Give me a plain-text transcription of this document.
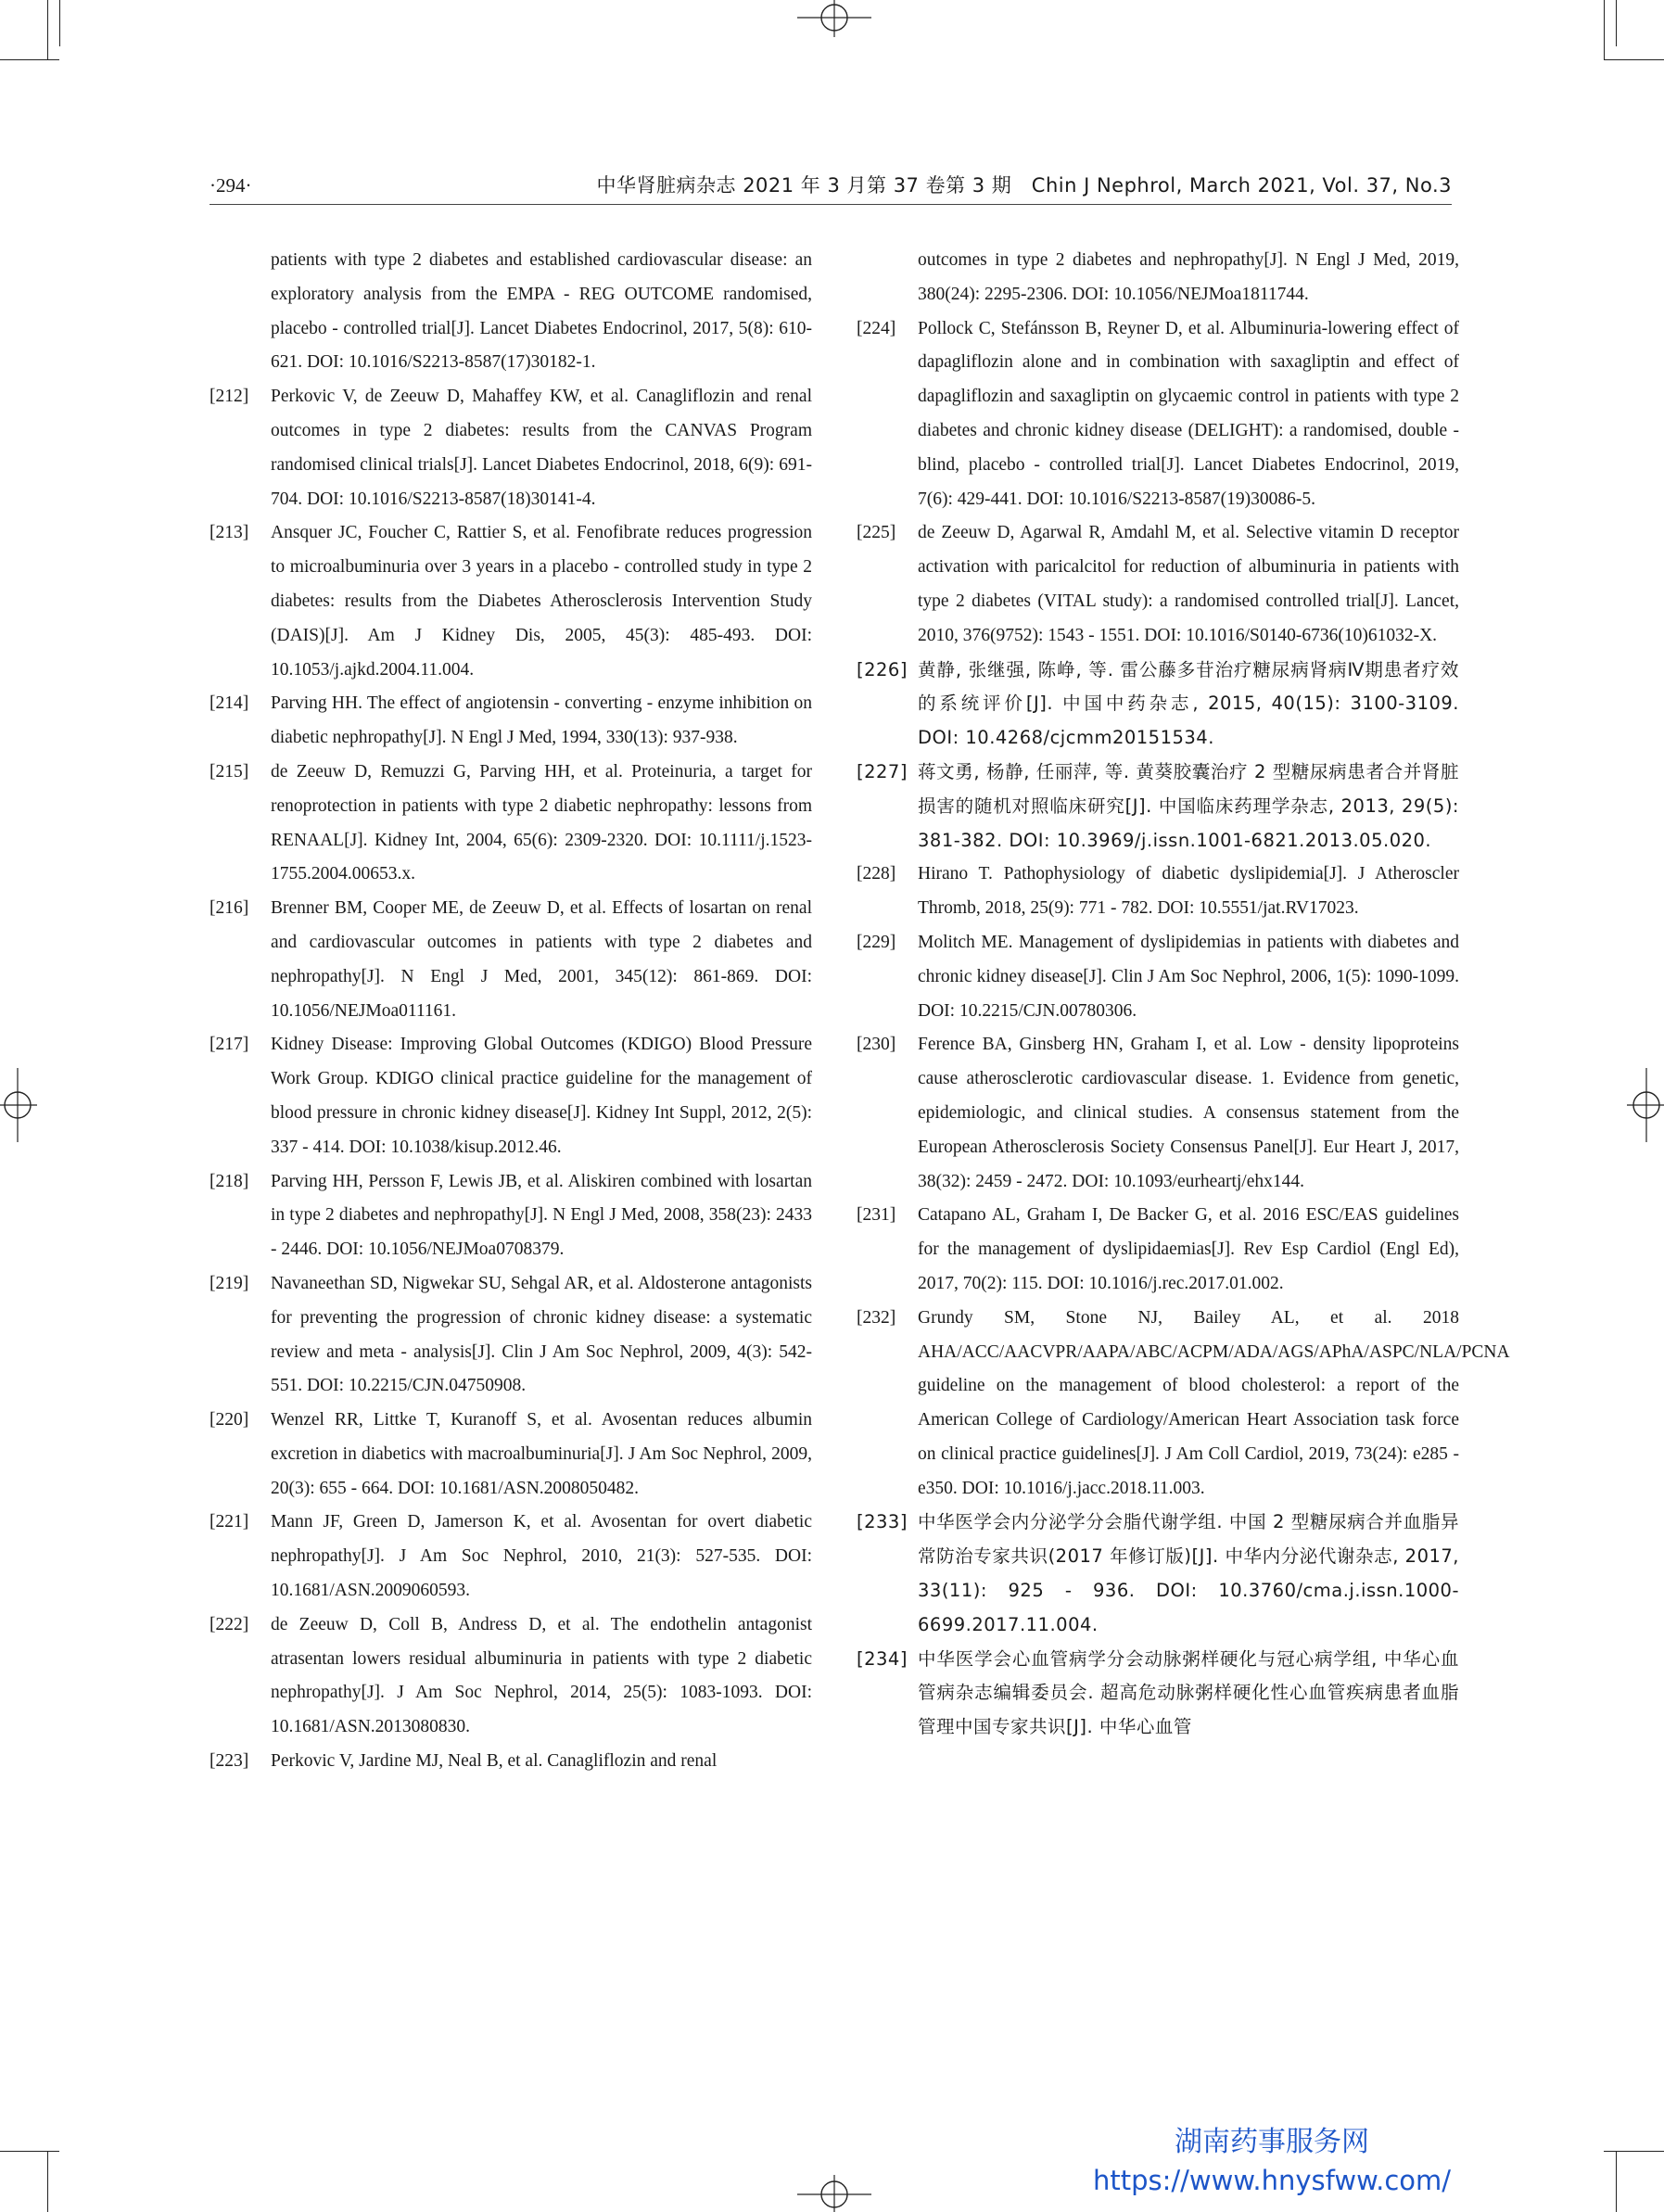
·294·	中华肾脏病杂志 2021 年 3 月第 37 卷第 3 期　Chin J Nephrol, March 2021, Vol. 37, No.3
patients with type 2 diabetes and established cardiovascular disease: an exploratory analysis from the EMPA - REG OUTCOME randomised, placebo - controlled trial[J]. Lancet Diabetes Endocrinol, 2017, 5(8): 610-621. DOI: 10.1016/S2213-8587(17)30182-1.
[212] Perkovic V, de Zeeuw D, Mahaffey KW, et al. Canagliflozin and renal outcomes in type 2 diabetes: results from the CANVAS Program randomised clinical trials[J]. Lancet Diabetes Endocrinol, 2018, 6(9): 691-704. DOI: 10.1016/S2213-8587(18)30141-4.
[213] Ansquer JC, Foucher C, Rattier S, et al. Fenofibrate reduces progression to microalbuminuria over 3 years in a placebo - controlled study in type 2 diabetes: results from the Diabetes Atherosclerosis Intervention Study (DAIS)[J]. Am J Kidney Dis, 2005, 45(3): 485-493. DOI: 10.1053/j.ajkd.2004.11.004.
[214] Parving HH. The effect of angiotensin - converting - enzyme inhibition on diabetic nephropathy[J]. N Engl J Med, 1994, 330(13): 937-938.
[215] de Zeeuw D, Remuzzi G, Parving HH, et al. Proteinuria, a target for renoprotection in patients with type 2 diabetic nephropathy: lessons from RENAAL[J]. Kidney Int, 2004, 65(6): 2309-2320. DOI: 10.1111/j.1523-1755.2004.00653.x.
[216] Brenner BM, Cooper ME, de Zeeuw D, et al. Effects of losartan on renal and cardiovascular outcomes in patients with type 2 diabetes and nephropathy[J]. N Engl J Med, 2001, 345(12): 861-869. DOI: 10.1056/NEJMoa011161.
[217] Kidney Disease: Improving Global Outcomes (KDIGO) Blood Pressure Work Group. KDIGO clinical practice guideline for the management of blood pressure in chronic kidney disease[J]. Kidney Int Suppl, 2012, 2(5): 337 - 414. DOI: 10.1038/kisup.2012.46.
[218] Parving HH, Persson F, Lewis JB, et al. Aliskiren combined with losartan in type 2 diabetes and nephropathy[J]. N Engl J Med, 2008, 358(23): 2433 - 2446. DOI: 10.1056/NEJMoa0708379.
[219] Navaneethan SD, Nigwekar SU, Sehgal AR, et al. Aldosterone antagonists for preventing the progression of chronic kidney disease: a systematic review and meta - analysis[J]. Clin J Am Soc Nephrol, 2009, 4(3): 542-551. DOI: 10.2215/CJN.04750908.
[220] Wenzel RR, Littke T, Kuranoff S, et al. Avosentan reduces albumin excretion in diabetics with macroalbuminuria[J]. J Am Soc Nephrol, 2009, 20(3): 655 - 664. DOI: 10.1681/ASN.2008050482.
[221] Mann JF, Green D, Jamerson K, et al. Avosentan for overt diabetic nephropathy[J]. J Am Soc Nephrol, 2010, 21(3): 527-535. DOI: 10.1681/ASN.2009060593.
[222] de Zeeuw D, Coll B, Andress D, et al. The endothelin antagonist atrasentan lowers residual albuminuria in patients with type 2 diabetic nephropathy[J]. J Am Soc Nephrol, 2014, 25(5): 1083-1093. DOI: 10.1681/ASN.2013080830.
[223] Perkovic V, Jardine MJ, Neal B, et al. Canagliflozin and renal
outcomes in type 2 diabetes and nephropathy[J]. N Engl J Med, 2019, 380(24): 2295-2306. DOI: 10.1056/NEJMoa1811744.
[224] Pollock C, Stefánsson B, Reyner D, et al. Albuminuria-lowering effect of dapagliflozin alone and in combination with saxagliptin and effect of dapagliflozin and saxagliptin on glycaemic control in patients with type 2 diabetes and chronic kidney disease (DELIGHT): a randomised, double - blind, placebo - controlled trial[J]. Lancet Diabetes Endocrinol, 2019, 7(6): 429-441. DOI: 10.1016/S2213-8587(19)30086-5.
[225] de Zeeuw D, Agarwal R, Amdahl M, et al. Selective vitamin D receptor activation with paricalcitol for reduction of albuminuria in patients with type 2 diabetes (VITAL study): a randomised controlled trial[J]. Lancet, 2010, 376(9752): 1543 - 1551. DOI: 10.1016/S0140-6736(10)61032-X.
[226] 黄静, 张继强, 陈峥, 等. 雷公藤多苷治疗糖尿病肾病Ⅳ期患者疗效的系统评价[J]. 中国中药杂志, 2015, 40(15): 3100-3109. DOI: 10.4268/cjcmm20151534.
[227] 蒋文勇, 杨静, 任丽萍, 等. 黄葵胶囊治疗 2 型糖尿病患者合并肾脏损害的随机对照临床研究[J]. 中国临床药理学杂志, 2013, 29(5): 381-382. DOI: 10.3969/j.issn.1001-6821.2013.05.020.
[228] Hirano T. Pathophysiology of diabetic dyslipidemia[J]. J Atheroscler Thromb, 2018, 25(9): 771 - 782. DOI: 10.5551/jat.RV17023.
[229] Molitch ME. Management of dyslipidemias in patients with diabetes and chronic kidney disease[J]. Clin J Am Soc Nephrol, 2006, 1(5): 1090-1099. DOI: 10.2215/CJN.00780306.
[230] Ference BA, Ginsberg HN, Graham I, et al. Low - density lipoproteins cause atherosclerotic cardiovascular disease. 1. Evidence from genetic, epidemiologic, and clinical studies. A consensus statement from the European Atherosclerosis Society Consensus Panel[J]. Eur Heart J, 2017, 38(32): 2459 - 2472. DOI: 10.1093/eurheartj/ehx144.
[231] Catapano AL, Graham I, De Backer G, et al. 2016 ESC/EAS guidelines for the management of dyslipidaemias[J]. Rev Esp Cardiol (Engl Ed), 2017, 70(2): 115. DOI: 10.1016/j.rec.2017.01.002.
[232] Grundy SM, Stone NJ, Bailey AL, et al. 2018 AHA/ACC/AACVPR/AAPA/ABC/ACPM/ADA/AGS/APhA/ASPC/NLA/PCNA guideline on the management of blood cholesterol: a report of the American College of Cardiology/American Heart Association task force on clinical practice guidelines[J]. J Am Coll Cardiol, 2019, 73(24): e285 - e350. DOI: 10.1016/j.jacc.2018.11.003.
[233] 中华医学会内分泌学分会脂代谢学组. 中国 2 型糖尿病合并血脂异常防治专家共识(2017 年修订版)[J]. 中华内分泌代谢杂志, 2017, 33(11): 925 - 936. DOI: 10.3760/cma.j.issn.1000-6699.2017.11.004.
[234] 中华医学会心血管病学分会动脉粥样硬化与冠心病学组, 中华心血管病杂志编辑委员会. 超高危动脉粥样硬化性心血管疾病患者血脂管理中国专家共识[J]. 中华心血管
湖南药事服务网
https://www.hnysfww.com/
